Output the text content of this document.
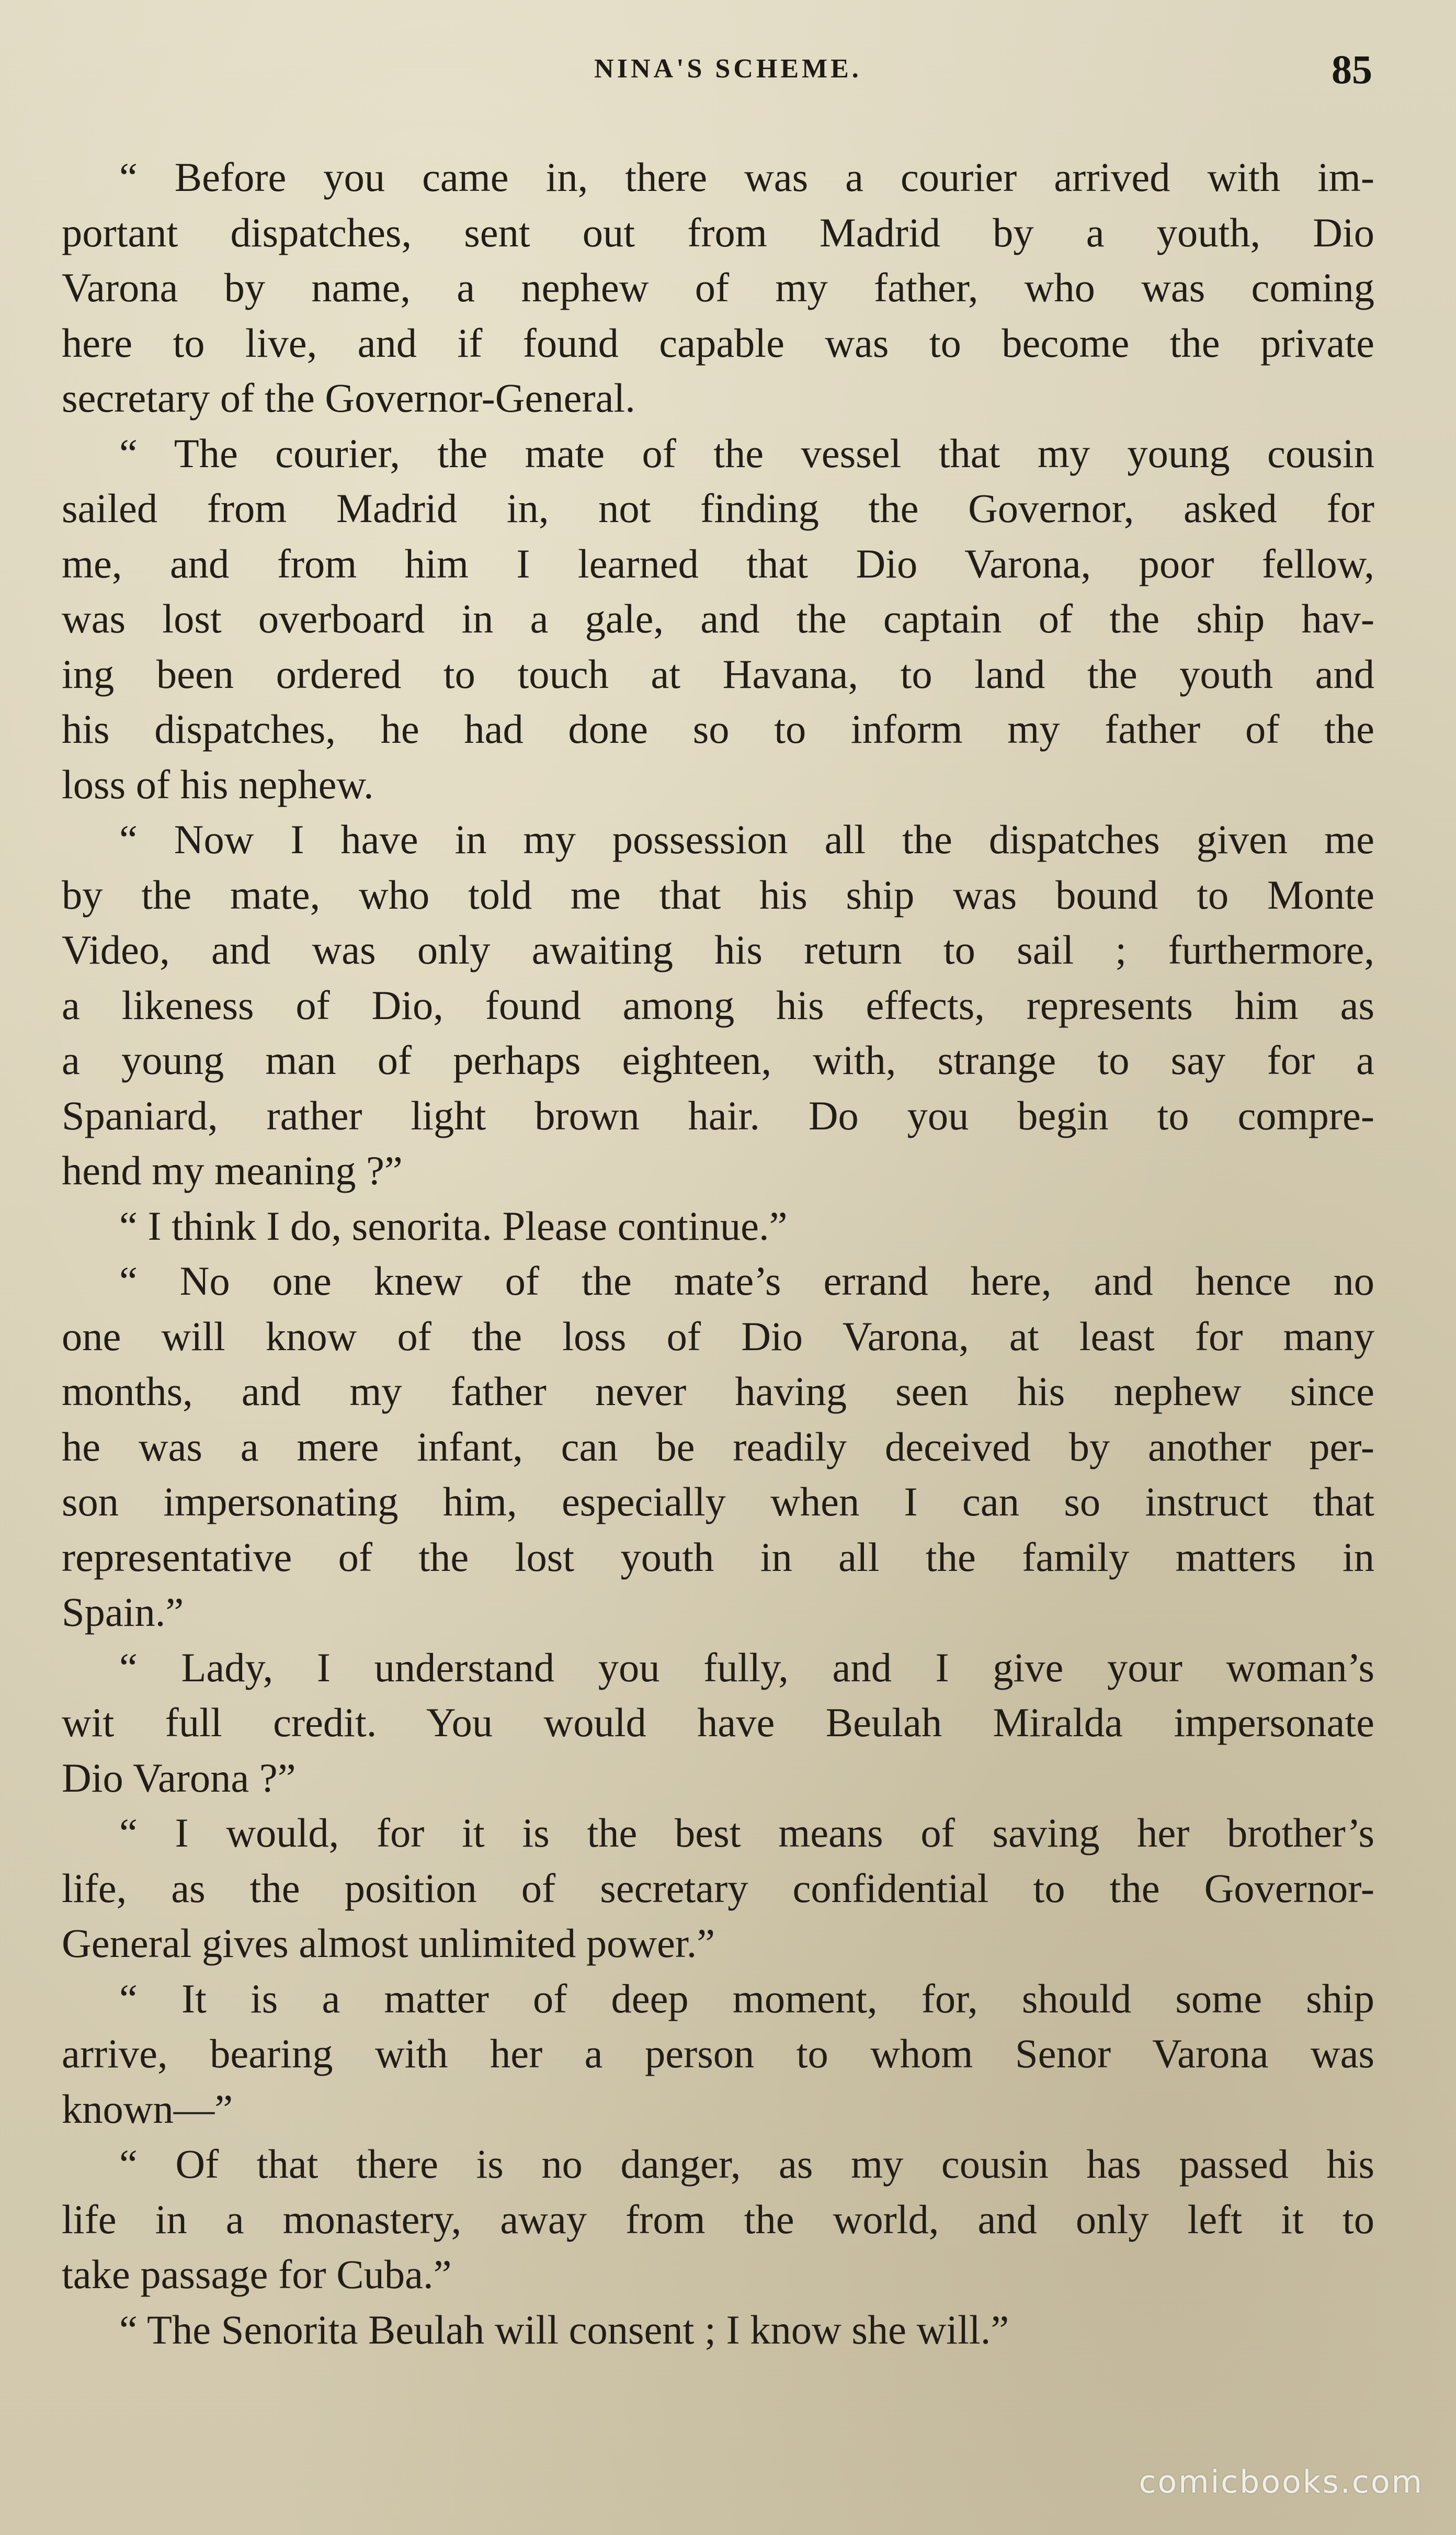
NINA'S SCHEME.	85
“ Before you came in, there was a courier arrived with im-
portant dispatches, sent out from Madrid by a youth, Dio
Varona by name, a nephew of my father, who was coming
here to live, and if found capable was to become the private
secretary of the Governor-General.
“ The courier, the mate of the vessel that my young cousin
sailed from Madrid in, not finding the Governor, asked for
me, and from him I learned that Dio Varona, poor fellow,
was lost overboard in a gale, and the captain of the ship hav-
ing been ordered to touch at Havana, to land the youth and
his dispatches, he had done so to inform my father of the
loss of his nephew.
“ Now I have in my possession all the dispatches given me
by the mate, who told me that his ship was bound to Monte
Video, and was only awaiting his return to sail ; furthermore,
a likeness of Dio, found among his effects, represents him as
a young man of perhaps eighteen, with, strange to say for a
Spaniard, rather light brown hair. Do you begin to compre-
hend my meaning ?”
“ I think I do, senorita. Please continue.”
“ No one knew of the mate’s errand here, and hence no
one will know of the loss of Dio Varona, at least for many
months, and my father never having seen his nephew since
he was a mere infant, can be readily deceived by another per-
son impersonating him, especially when I can so instruct that
representative of the lost youth in all the family matters in
Spain.”
“ Lady, I understand you fully, and I give your woman’s
wit full credit. You would have Beulah Miralda impersonate
Dio Varona ?”
“ I would, for it is the best means of saving her brother’s
life, as the position of secretary confidential to the Governor-
General gives almost unlimited power.”
“ It is a matter of deep moment, for, should some ship
arrive, bearing with her a person to whom Senor Varona was
known—”
“ Of that there is no danger, as my cousin has passed his
life in a monastery, away from the world, and only left it to
take passage for Cuba.”
“ The Senorita Beulah will consent ; I know she will.”
comicbooks.com
